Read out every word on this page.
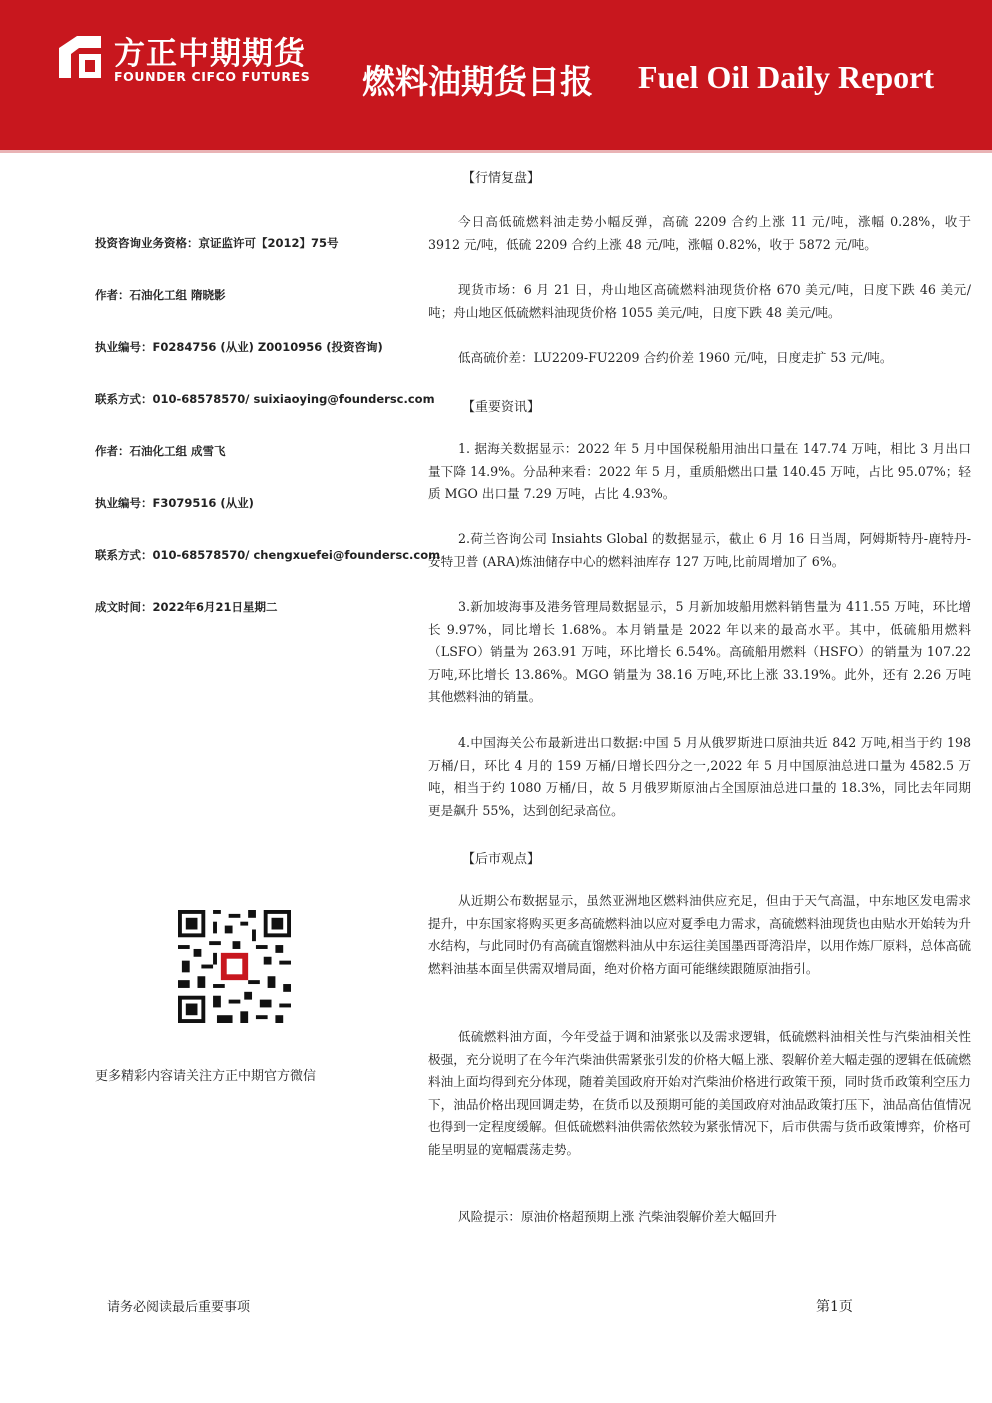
方正中期期货
FOUNDER CIFCO FUTURES 燃料油期货日报 Fuel Oil Daily Report
投资咨询业务资格：京证监许可【2012】75号
作者：石油化工组 隋晓影
执业编号：F0284756 (从业) Z0010956 (投资咨询)
联系方式：010-68578570/ suixiaoying@foundersc.com
作者：石油化工组 成雪飞
执业编号：F3079516 (从业)
联系方式：010-68578570/ chengxuefei@foundersc.com
成文时间：2022年6月21日星期二
更多精彩内容请关注方正中期官方微信
【行情复盘】
今日高低硫燃料油走势小幅反弹，高硫 2209 合约上涨 11 元/吨，涨幅 0.28%，收于 3912 元/吨，低硫 2209 合约上涨 48 元/吨，涨幅 0.82%，收于 5872 元/吨。
现货市场：6 月 21 日，舟山地区高硫燃料油现货价格 670 美元/吨，日度下跌 46 美元/吨；舟山地区低硫燃料油现货价格 1055 美元/吨，日度下跌 48 美元/吨。
低高硫价差：LU2209-FU2209 合约价差 1960 元/吨，日度走扩 53 元/吨。
【重要资讯】
1. 据海关数据显示：2022 年 5 月中国保税船用油出口量在 147.74 万吨，相比 3 月出口量下降 14.9%。分品种来看：2022 年 5 月，重质船燃出口量 140.45 万吨，占比 95.07%；轻质 MGO 出口量 7.29 万吨，占比 4.93%。
2.荷兰咨询公司 Insiahts Global 的数据显示，截止 6 月 16 日当周，阿姆斯特丹-鹿特丹-安特卫普 (ARA)炼油储存中心的燃料油库存 127 万吨,比前周增加了 6%。
3.新加坡海事及港务管理局数据显示，5 月新加坡船用燃料销售量为 411.55 万吨，环比增长 9.97%，同比增长 1.68%。本月销量是 2022 年以来的最高水平。其中，低硫船用燃料（LSFO）销量为 263.91 万吨，环比增长 6.54%。高硫船用燃料（HSFO）的销量为 107.22 万吨,环比增长 13.86%。MGO 销量为 38.16 万吨,环比上涨 33.19%。此外，还有 2.26 万吨其他燃料油的销量。
4.中国海关公布最新进出口数据:中国 5 月从俄罗斯进口原油共近 842 万吨,相当于约 198 万桶/日，环比 4 月的 159 万桶/日增长四分之一,2022 年 5 月中国原油总进口量为 4582.5 万吨，相当于约 1080 万桶/日，故 5 月俄罗斯原油占全国原油总进口量的 18.3%，同比去年同期更是飙升 55%，达到创纪录高位。
【后市观点】
从近期公布数据显示，虽然亚洲地区燃料油供应充足，但由于天气高温，中东地区发电需求提升，中东国家将购买更多高硫燃料油以应对夏季电力需求，高硫燃料油现货也由贴水开始转为升水结构，与此同时仍有高硫直馏燃料油从中东运往美国墨西哥湾沿岸，以用作炼厂原料，总体高硫燃料油基本面呈供需双增局面，绝对价格方面可能继续跟随原油指引。
低硫燃料油方面，今年受益于调和油紧张以及需求逻辑，低硫燃料油相关性与汽柴油相关性极强，充分说明了在今年汽柴油供需紧张引发的价格大幅上涨、裂解价差大幅走强的逻辑在低硫燃料油上面均得到充分体现，随着美国政府开始对汽柴油价格进行政策干预，同时货币政策利空压力下，油品价格出现回调走势，在货币以及预期可能的美国政府对油品政策打压下，油品高估值情况也得到一定程度缓解。但低硫燃料油供需依然较为紧张情况下，后市供需与货币政策博弈，价格可能呈明显的宽幅震荡走势。
风险提示：原油价格超预期上涨 汽柴油裂解价差大幅回升
请务必阅读最后重要事项	第1页
